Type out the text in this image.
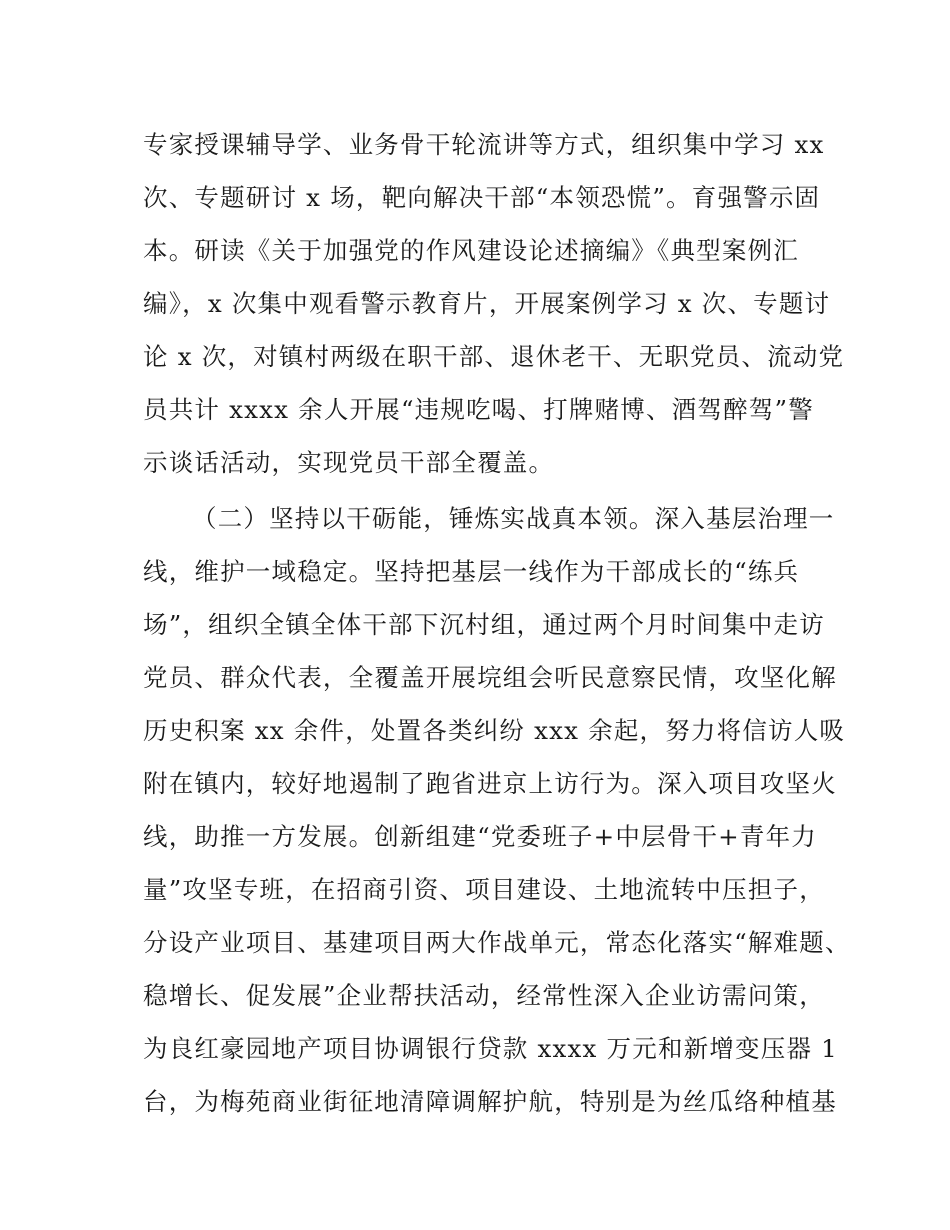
专家授课辅导学、业务骨干轮流讲等方式，组织集中学习 xx
次、专题研讨 x 场，靶向解决干部“本领恐慌”。育强警示固
本。研读《关于加强党的作风建设论述摘编》《典型案例汇
编》，x 次集中观看警示教育片，开展案例学习 x 次、专题讨
论 x 次，对镇村两级在职干部、退休老干、无职党员、流动党
员共计 xxxx 余人开展“违规吃喝、打牌赌博、酒驾醉驾”警
示谈话活动，实现党员干部全覆盖。
（二）坚持以干砺能，锤炼实战真本领。深入基层治理一
线，维护一域稳定。坚持把基层一线作为干部成长的“练兵
场”，组织全镇全体干部下沉村组，通过两个月时间集中走访
党员、群众代表，全覆盖开展垸组会听民意察民情，攻坚化解
历史积案 xx 余件，处置各类纠纷 xxx 余起，努力将信访人吸
附在镇内，较好地遏制了跑省进京上访行为。深入项目攻坚火
线，助推一方发展。创新组建“党委班子+中层骨干+青年力
量”攻坚专班，在招商引资、项目建设、土地流转中压担子，
分设产业项目、基建项目两大作战单元，常态化落实“解难题、
稳增长、促发展”企业帮扶活动，经常性深入企业访需问策，
为良红豪园地产项目协调银行贷款 xxxx 万元和新增变压器 1
台，为梅苑商业街征地清障调解护航，特别是为丝瓜络种植基
